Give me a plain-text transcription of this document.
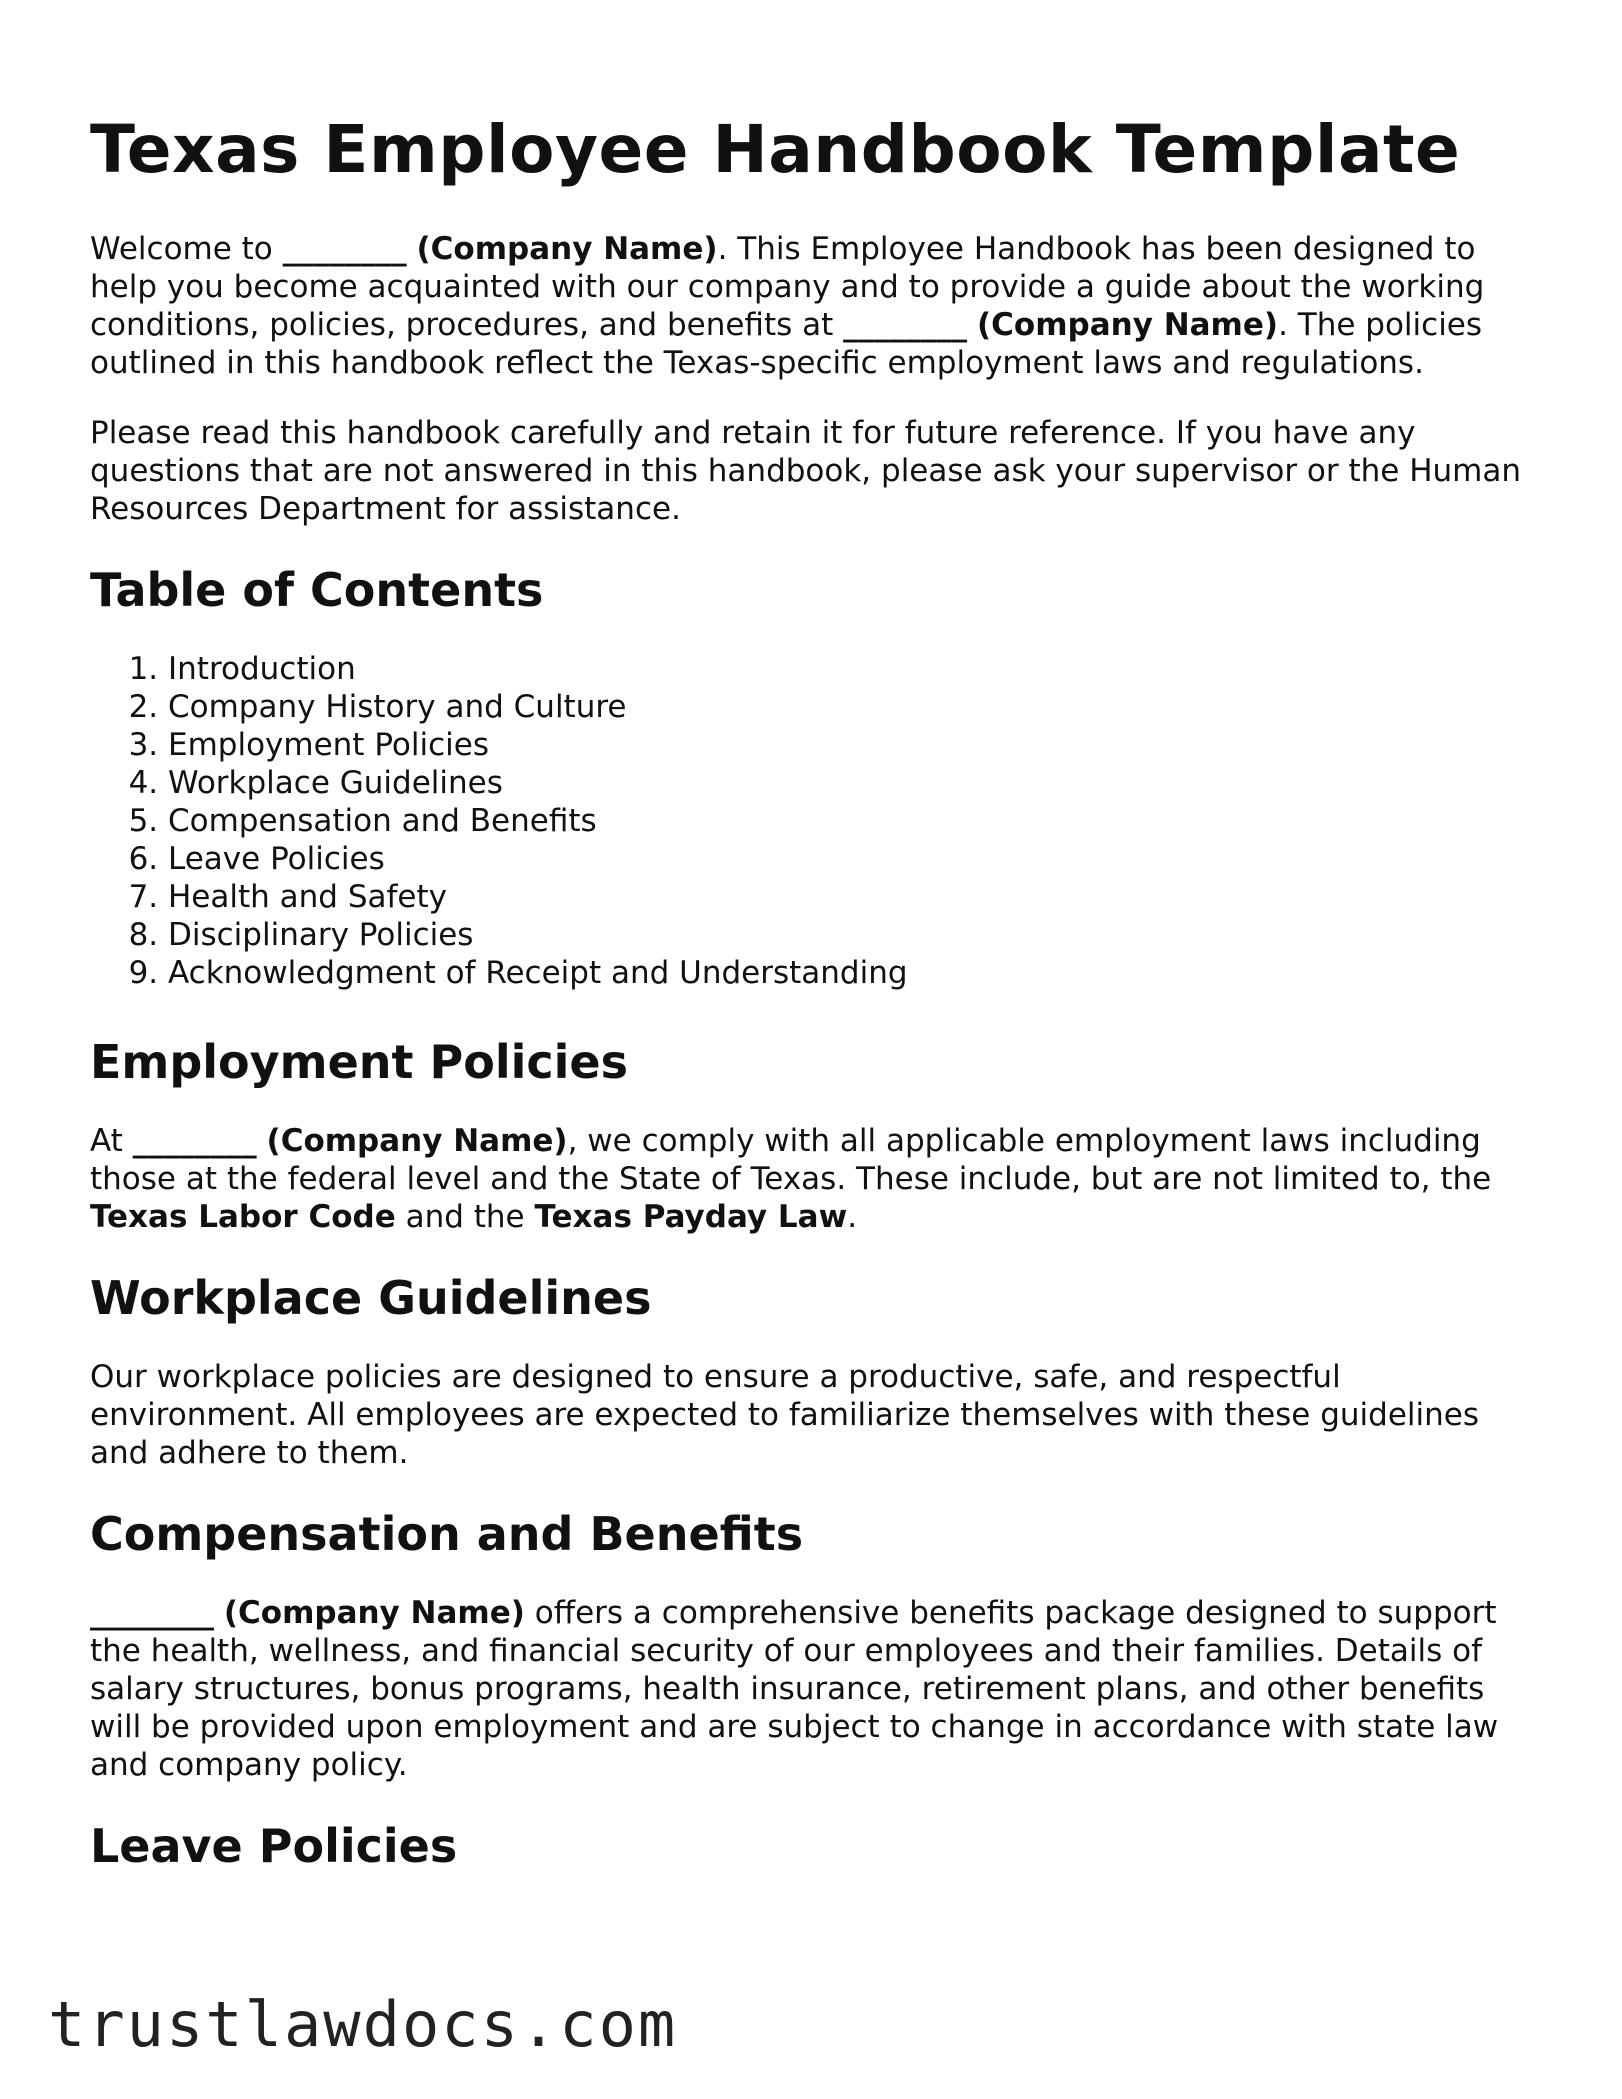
Texas Employee Handbook Template

Welcome to ________ (Company Name). This Employee Handbook has been designed to help you become acquainted with our company and to provide a guide about the working conditions, policies, procedures, and benefits at ________ (Company Name). The policies outlined in this handbook reflect the Texas-specific employment laws and regulations.

Please read this handbook carefully and retain it for future reference. If you have any questions that are not answered in this handbook, please ask your supervisor or the Human Resources Department for assistance.

Table of Contents
1. Introduction
2. Company History and Culture
3. Employment Policies
4. Workplace Guidelines
5. Compensation and Benefits
6. Leave Policies
7. Health and Safety
8. Disciplinary Policies
9. Acknowledgment of Receipt and Understanding
Employment Policies

At ________ (Company Name), we comply with all applicable employment laws including those at the federal level and the State of Texas. These include, but are not limited to, the Texas Labor Code and the Texas Payday Law.

Workplace Guidelines

Our workplace policies are designed to ensure a productive, safe, and respectful environment. All employees are expected to familiarize themselves with these guidelines and adhere to them.

Compensation and Benefits

________ (Company Name) offers a comprehensive benefits package designed to support the health, wellness, and financial security of our employees and their families. Details of salary structures, bonus programs, health insurance, retirement plans, and other benefits will be provided upon employment and are subject to change in accordance with state law and company policy.

Leave Policies
trustlawdocs.com
